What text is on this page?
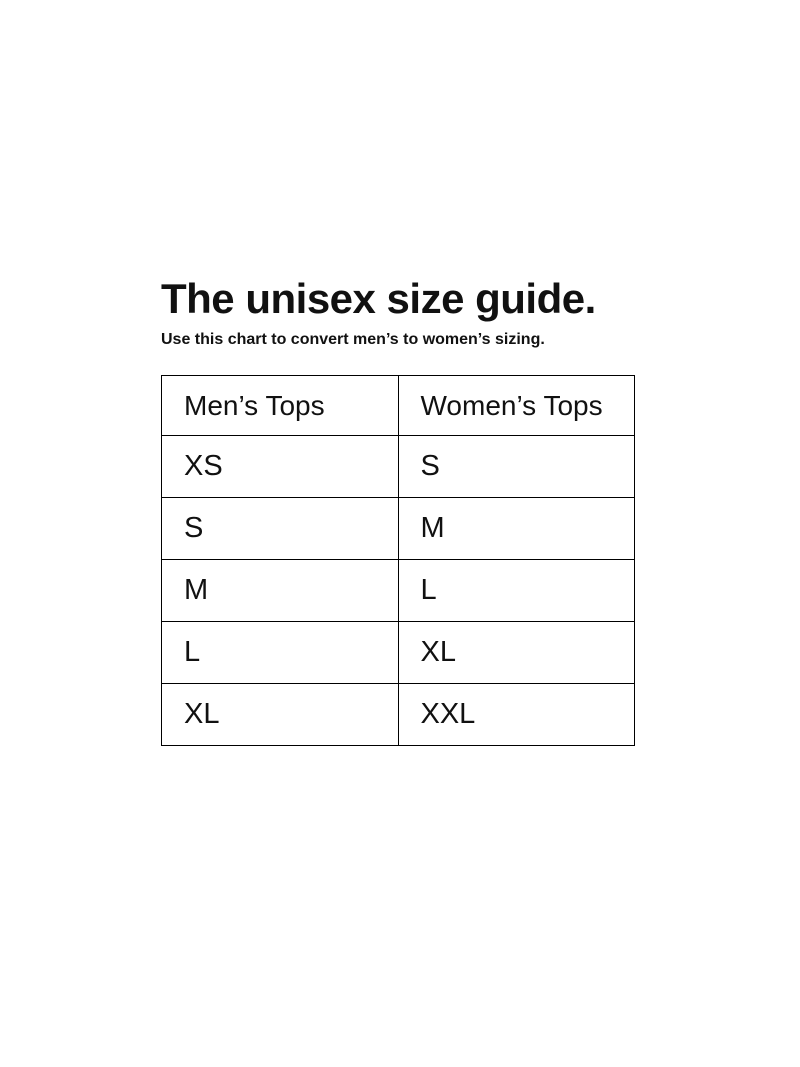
The unisex size guide.

Use this chart to convert men’s to women’s sizing.

Men’s Tops	Women’s Tops
XS	S
S	M
M	L
L	XL
XL	XXL
